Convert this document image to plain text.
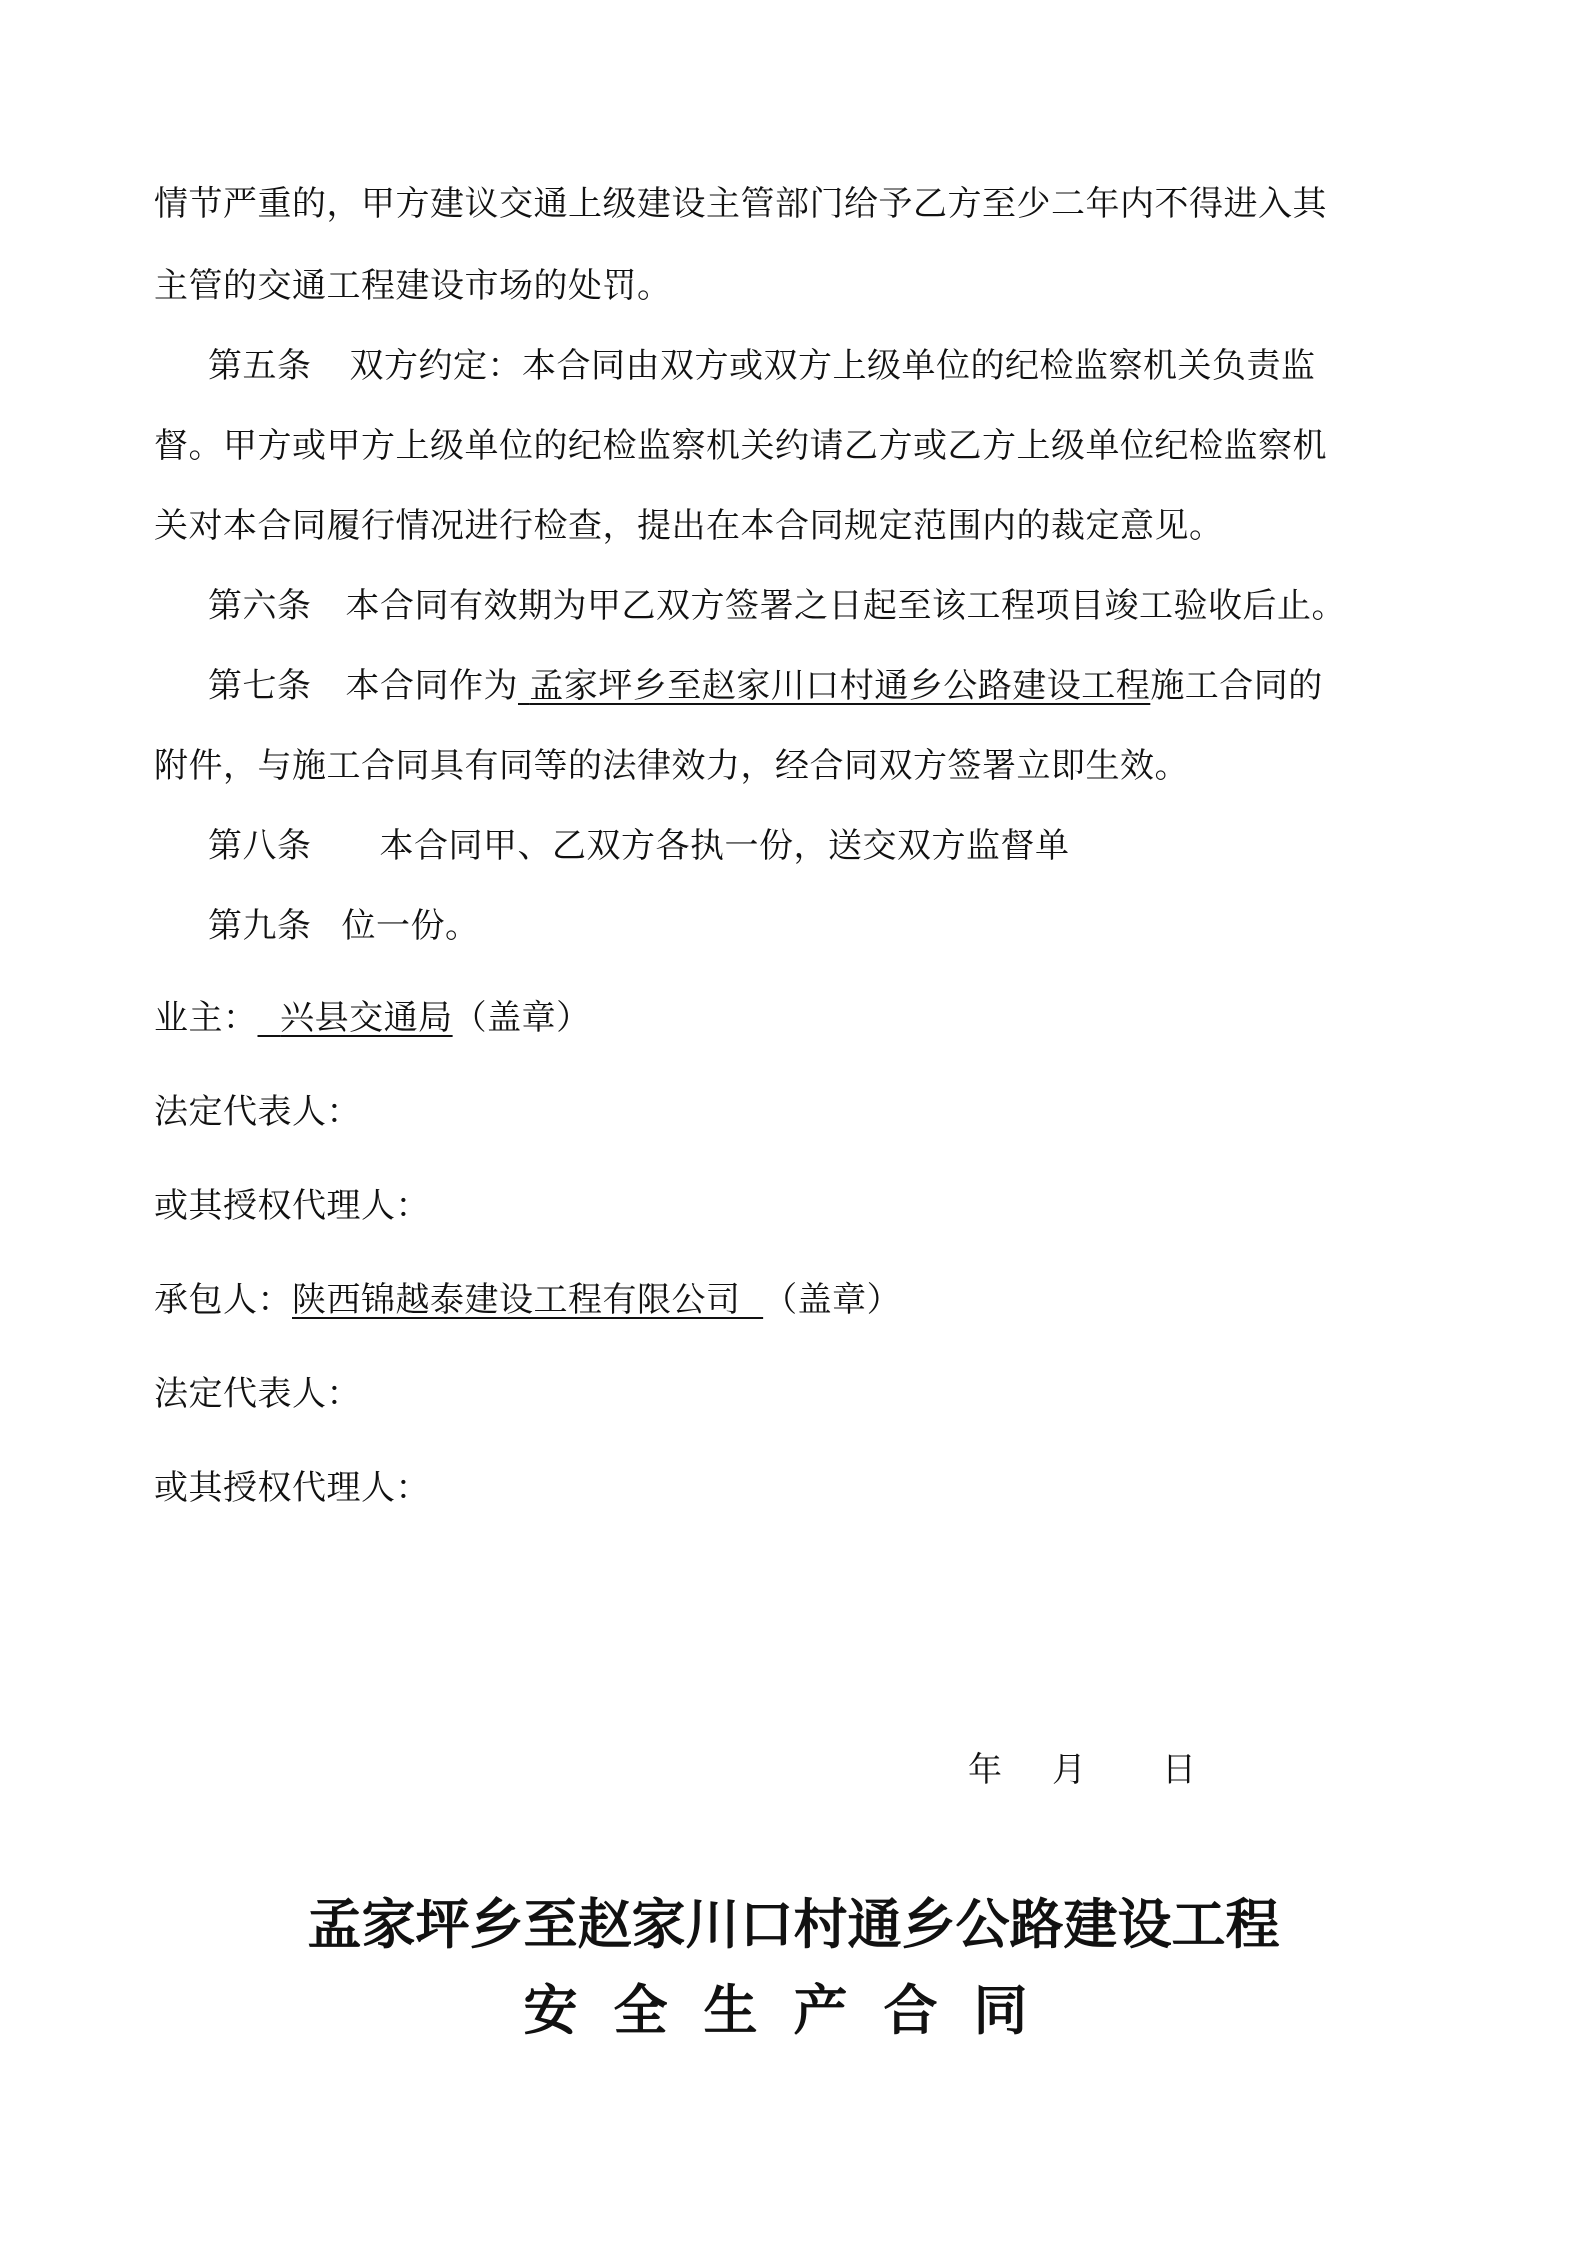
情节严重的，甲方建议交通上级建设主管部门给予乙方至少二年内不得进入其
主管的交通工程建设市场的处罚。
第五条 双方约定：本合同由双方或双方上级单位的纪检监察机关负责监
督。甲方或甲方上级单位的纪检监察机关约请乙方或乙方上级单位纪检监察机
关对本合同履行情况进行检查，提出在本合同规定范围内的裁定意见。
第六条 本合同有效期为甲乙双方签署之日起至该工程项目竣工验收后止。
第七条 本合同作为 孟家坪乡至赵家川口村通乡公路建设工程施工合同的
附件，与施工合同具有同等的法律效力，经合同双方签署立即生效。
第八条 本合同甲、乙双方各执一份，送交双方监督单
第九条 位一份。
业主： 兴县交通局（盖章）
法定代表人：
或其授权代理人：
承包人：陕西锦越泰建设工程有限公司 （盖章）
法定代表人：
或其授权代理人：
年 月 日
孟家坪乡至赵家川口村通乡公路建设工程
安全生产合同
